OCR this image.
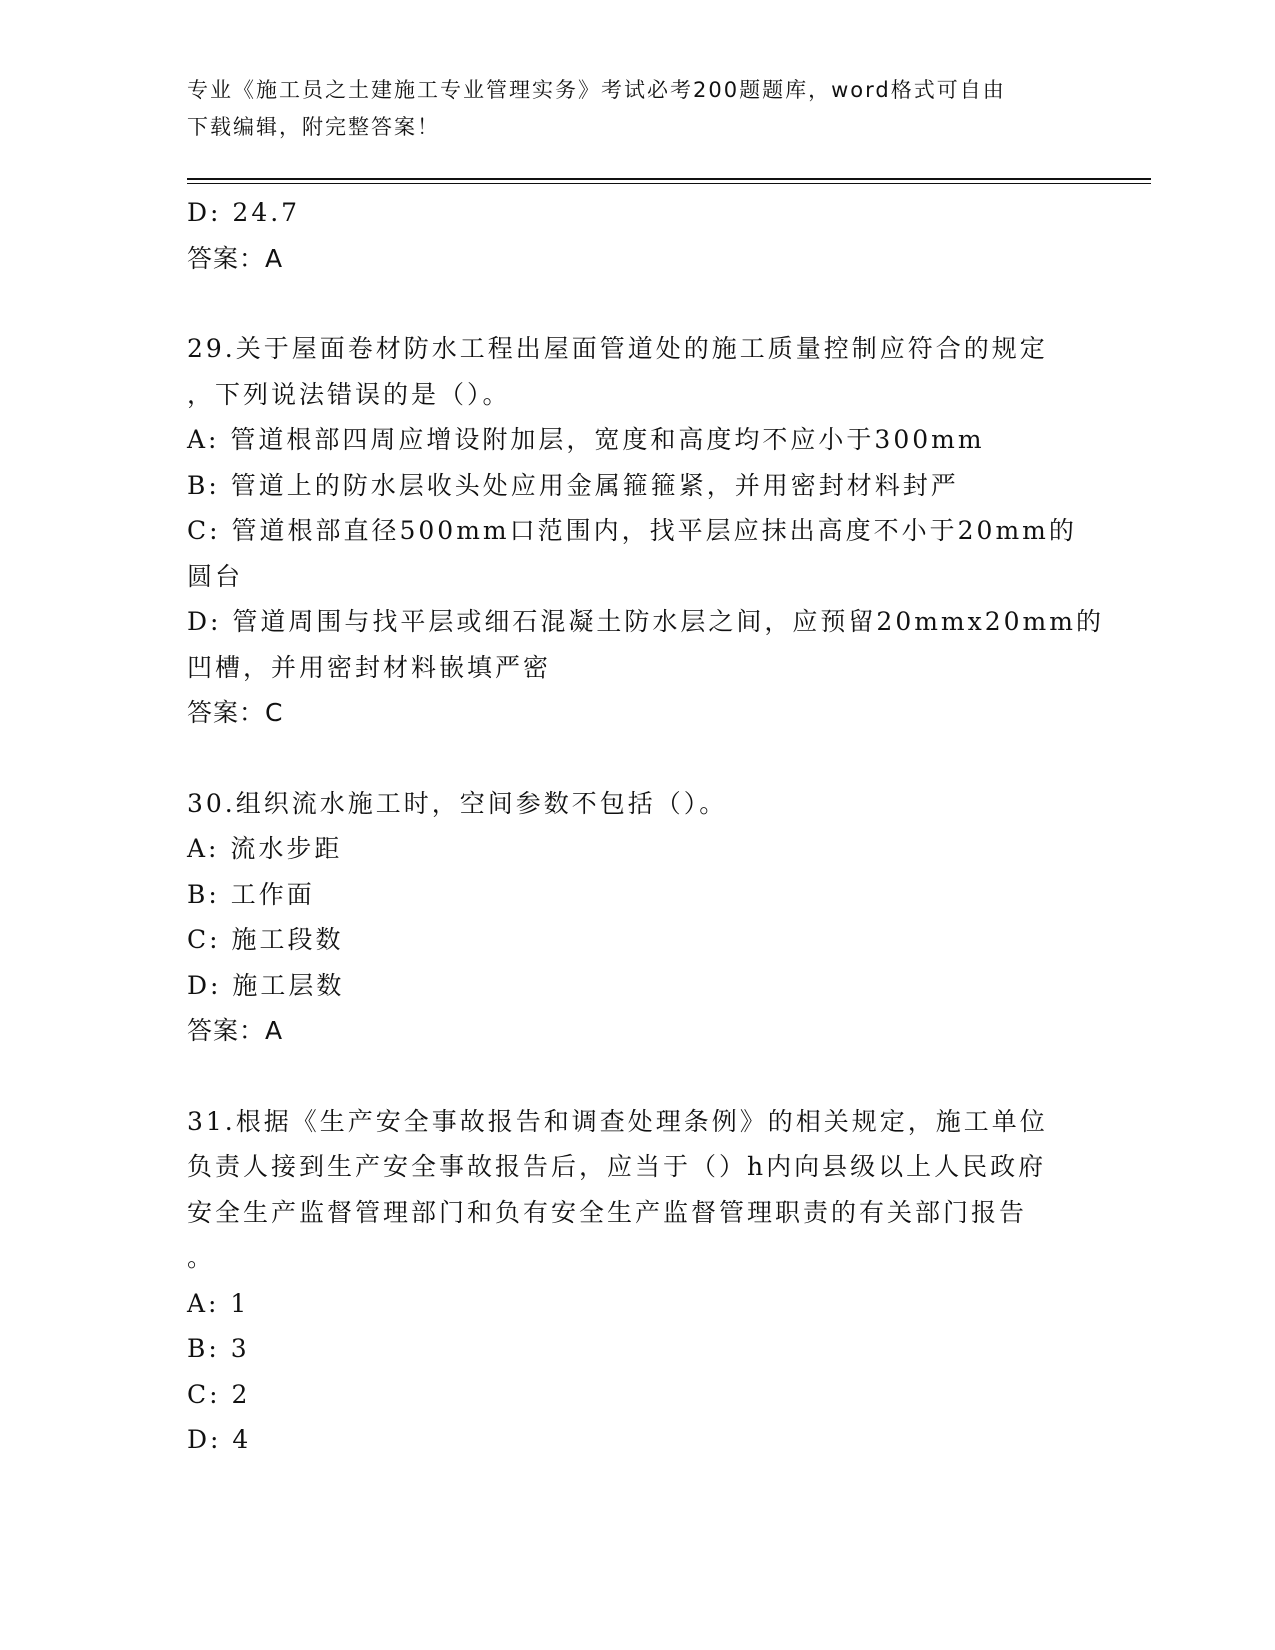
专业《施工员之土建施工专业管理实务》考试必考200题题库，word格式可自由
下载编辑，附完整答案！
D: 24.7
答案：A
29.关于屋面卷材防水工程出屋面管道处的施工质量控制应符合的规定
，下列说法错误的是（）。
A: 管道根部四周应增设附加层，宽度和高度均不应小于300mm
B: 管道上的防水层收头处应用金属箍箍紧，并用密封材料封严
C: 管道根部直径500mm口范围内，找平层应抹出高度不小于20mm的
圆台
D: 管道周围与找平层或细石混凝土防水层之间，应预留20mmx20mm的
凹槽，并用密封材料嵌填严密
答案：C
30.组织流水施工时，空间参数不包括（）。
A: 流水步距
B: 工作面
C: 施工段数
D: 施工层数
答案：A
31.根据《生产安全事故报告和调查处理条例》的相关规定，施工单位
负责人接到生产安全事故报告后，应当于（）h内向县级以上人民政府
安全生产监督管理部门和负有安全生产监督管理职责的有关部门报告
。
A: 1
B: 3
C: 2
D: 4
